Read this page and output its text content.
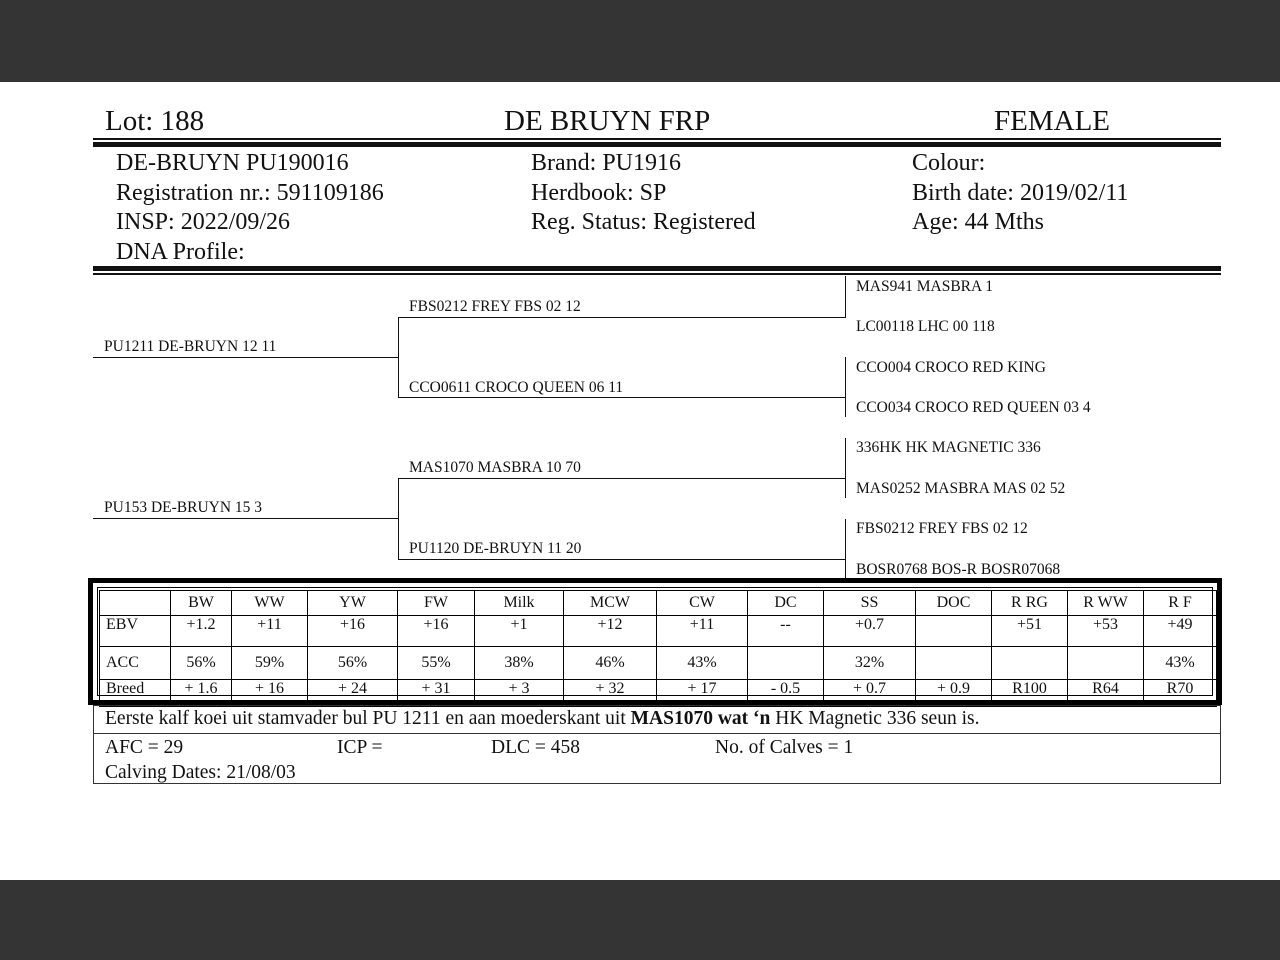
Lot: 188	DE BRUYN FRP	FEMALE
DE-BRUYN PU190016
Registration nr.: 591109186
INSP: 2022/09/26
DNA Profile:
Brand: PU1916
Herdbook: SP
Reg. Status: Registered
Colour:
Birth date: 2019/02/11
Age: 44 Mths
PU1211 DE-BRUYN 12 11
PU153 DE-BRUYN 15 3
FBS0212 FREY FBS 02 12
CCO0611 CROCO QUEEN 06 11
MAS1070 MASBRA 10 70
PU1120 DE-BRUYN 11 20
MAS941 MASBRA 1
LC00118 LHC 00 118
CCO004 CROCO RED KING
CCO034 CROCO RED QUEEN 03 4
336HK HK MAGNETIC 336
MAS0252 MASBRA MAS 02 52
FBS0212 FREY FBS 02 12
BOSR0768 BOS-R BOSR07068
	BW	WW	YW	FW	Milk	MCW	CW	DC	SS	DOC	R RG	R WW	R F
EBV	+1.2	+11	+16	+16	+1	+12	+11	--	+0.7		+51	+53	+49
ACC	56%	59%	56%	55%	38%	46%	43%		32%				43%
Breed	+ 1.6	+ 16	+ 24	+ 31	+ 3	+ 32	+ 17	- 0.5	+ 0.7	+ 0.9	R100	R64	R70
Eerste kalf koei uit stamvader bul PU 1211 en aan moederskant uit MAS1070 wat ‘n HK Magnetic 336 seun is.
AFC = 29	ICP =	DLC = 458	No. of Calves = 1
Calving Dates: 21/08/03
